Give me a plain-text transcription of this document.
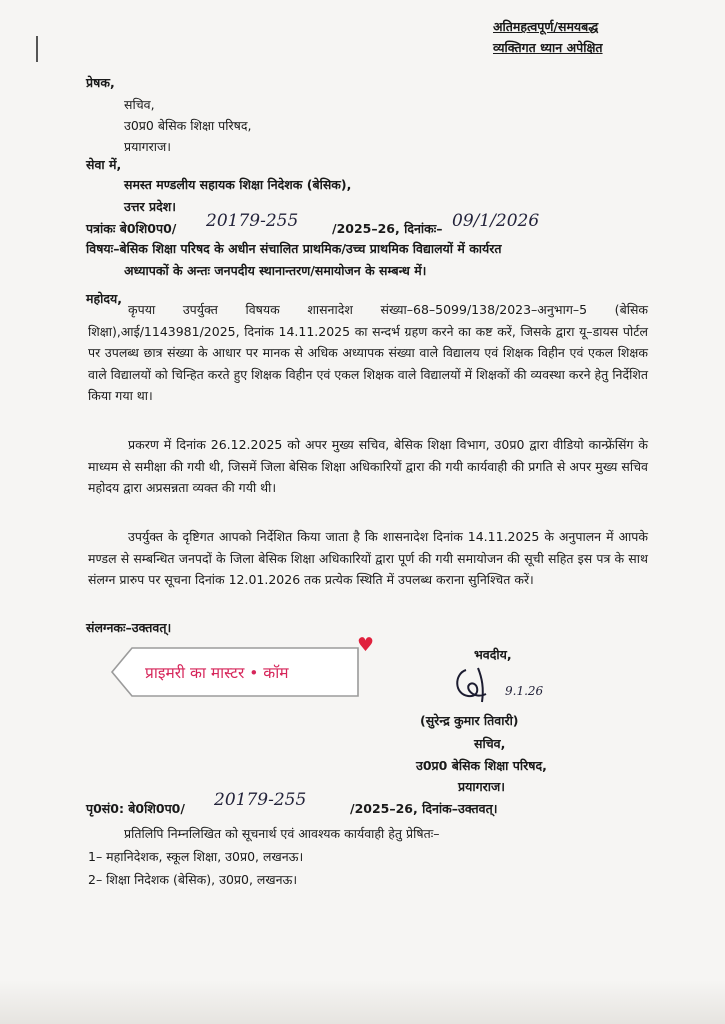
अतिमहत्वपूर्ण/समयबद्ध
व्यक्तिगत ध्यान अपेक्षित
प्रेषक,
सचिव,
उ0प्र0 बेसिक शिक्षा परिषद,
प्रयागराज।
सेवा में,
समस्त मण्डलीय सहायक शिक्षा निदेशक (बेसिक),
उत्तर प्रदेश।
पत्रांकः बे0शि0प0/ 20179-255	/2025–26, दिनांकः– 09/1/2026
विषयः–बेसिक शिक्षा परिषद के अधीन संचालित प्राथमिक/उच्च प्राथमिक विद्यालयों में कार्यरत
अध्यापकों के अन्तः जनपदीय स्थानान्तरण/समायोजन के सम्बन्ध में।
महोदय,
कृपया उपर्युक्त विषयक शासनादेश संख्या–68–5099/138/2023–अनुभाग–5 (बेसिक शिक्षा),आई/1143981/2025, दिनांक 14.11.2025 का सन्दर्भ ग्रहण करने का कष्ट करें, जिसके द्वारा यू–डायस पोर्टल पर उपलब्ध छात्र संख्या के आधार पर मानक से अधिक अध्यापक संख्या वाले विद्यालय एवं शिक्षक विहीन एवं एकल शिक्षक वाले विद्यालयों को चिन्हित करते हुए शिक्षक विहीन एवं एकल शिक्षक वाले विद्यालयों में शिक्षकों की व्यवस्था करने हेतु निर्देशित किया गया था।
प्रकरण में दिनांक 26.12.2025 को अपर मुख्य सचिव, बेसिक शिक्षा विभाग, उ0प्र0 द्वारा वीडियो कान्फ्रेंसिंग के माध्यम से समीक्षा की गयी थी, जिसमें जिला बेसिक शिक्षा अधिकारियों द्वारा की गयी कार्यवाही की प्रगति से अपर मुख्य सचिव महोदय द्वारा अप्रसन्नता व्यक्त की गयी थी।
उपर्युक्त के दृष्टिगत आपको निर्देशित किया जाता है कि शासनादेश दिनांक 14.11.2025 के अनुपालन में आपके मण्डल से सम्बन्धित जनपदों के जिला बेसिक शिक्षा अधिकारियों द्वारा पूर्ण की गयी समायोजन की सूची सहित इस पत्र के साथ संलग्न प्रारुप पर सूचना दिनांक 12.01.2026 तक प्रत्येक स्थिति में उपलब्ध कराना सुनिश्चित करें।
संलग्नकः–उक्तवत्।
प्राइमरी का मास्टर • कॉम
♥	भवदीय,
9.1.26
(सुरेन्द्र कुमार तिवारी)
सचिव,
उ0प्र0 बेसिक शिक्षा परिषद,
प्रयागराज।
पृ0सं0: बे0शि0प0/ 20179-255	/2025–26, दिनांक–उक्तवत्।
प्रतिलिपि निम्नलिखित को सूचनार्थ एवं आवश्यक कार्यवाही हेतु प्रेषितः–
1– महानिदेशक, स्कूल शिक्षा, उ0प्र0, लखनऊ।
2– शिक्षा निदेशक (बेसिक), उ0प्र0, लखनऊ।
